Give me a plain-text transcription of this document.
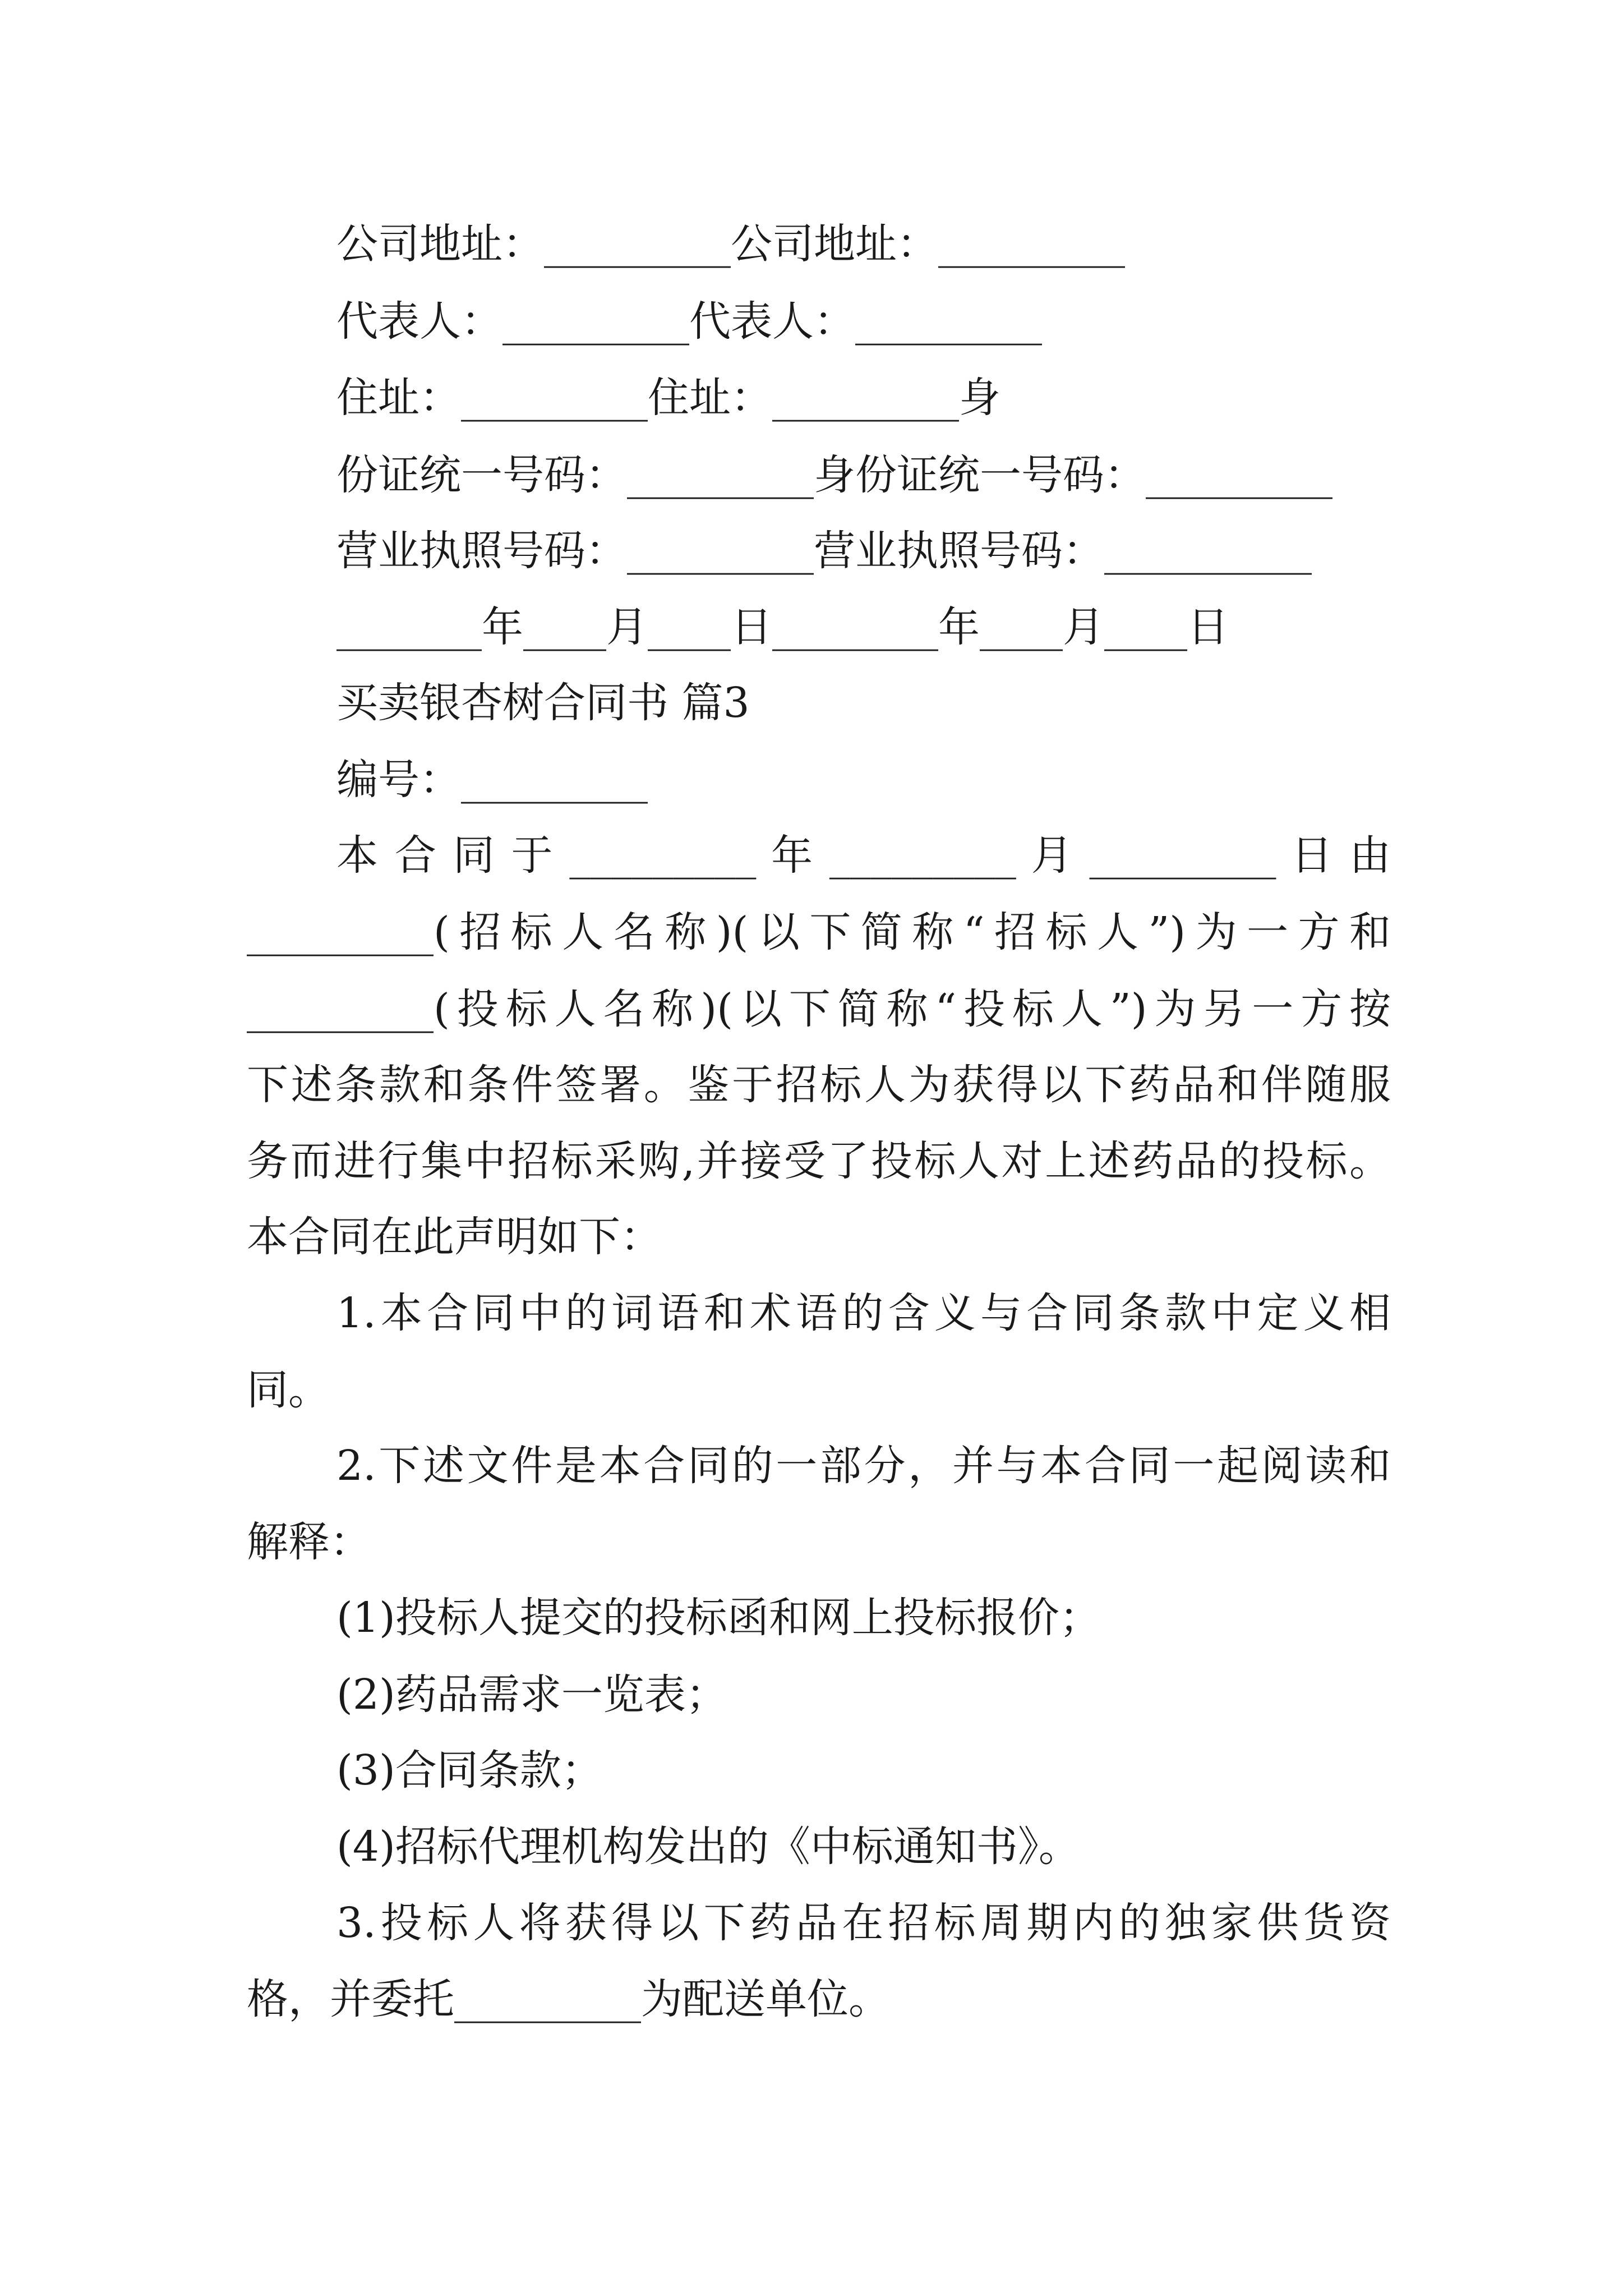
公司地址：_________公司地址：_________
代表人：_________代表人：_________
住址：_________住址：_________身
份证统一号码：_________身份证统一号码：_________
营业执照号码：_________营业执照号码：__________
_______年____月____日________年____月____日
买卖银杏树合同书 篇3
编号：_________
本 合 同 于 _________ 年 _________ 月 _________ 日 由
_________(招标人名称)(以下简称“招标人”)为一方和
_________(投标人名称)(以下简称“投标人”)为另一方按
下述条款和条件签署。鉴于招标人为获得以下药品和伴随服
务而进行集中招标采购,并接受了投标人对上述药品的投标。
本合同在此声明如下：
1.本合同中的词语和术语的含义与合同条款中定义相
同。
2.下述文件是本合同的一部分，并与本合同一起阅读和
解释：
(1)投标人提交的投标函和网上投标报价；
(2)药品需求一览表；
(3)合同条款；
(4)招标代理机构发出的《中标通知书》。
3.投标人将获得以下药品在招标周期内的独家供货资
格，并委托_________为配送单位。
